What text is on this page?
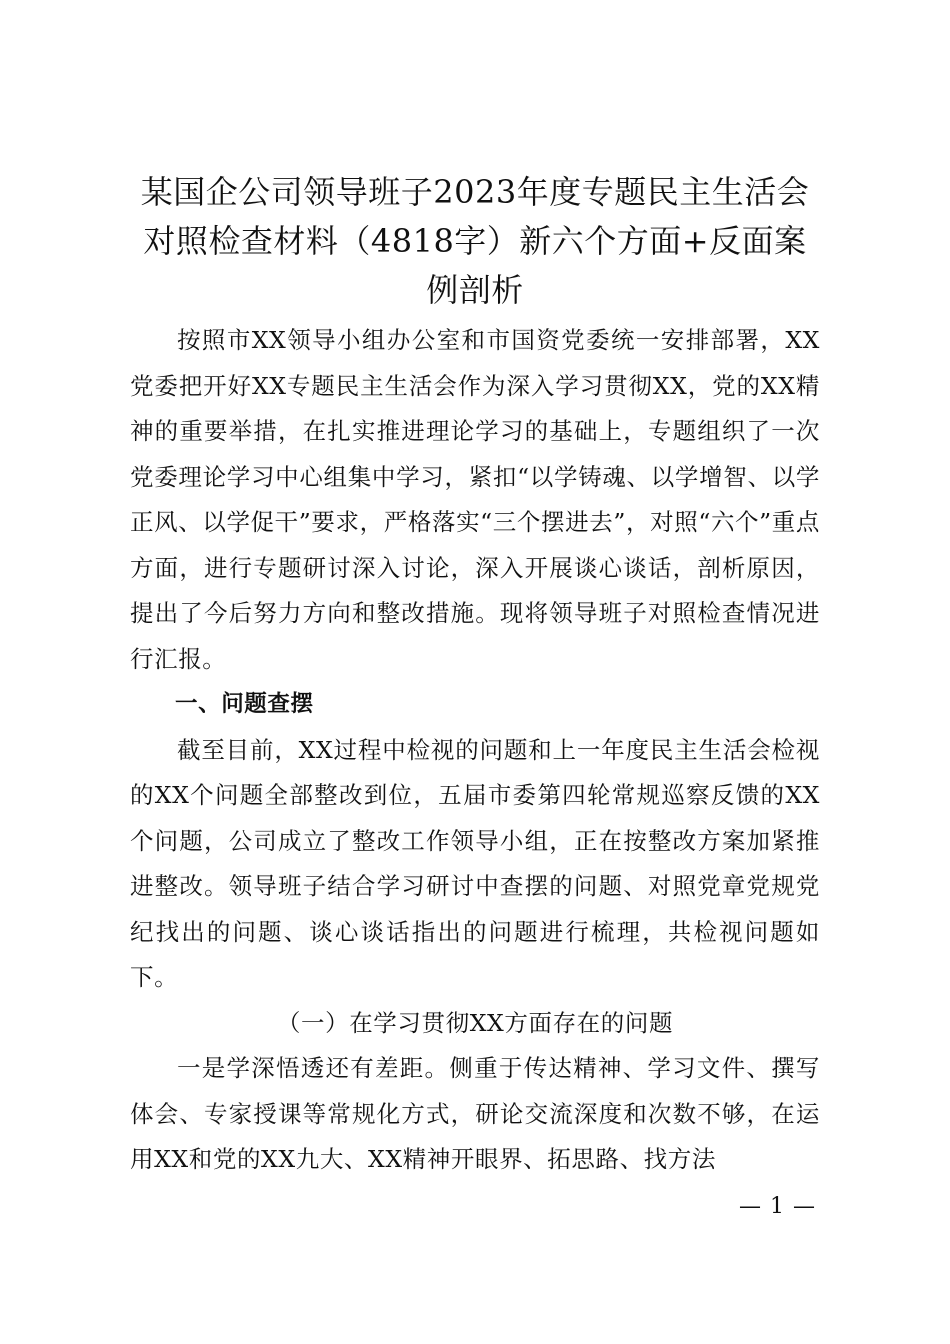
某国企公司领导班子2023年度专题民主生活会对照检查材料（4818字）新六个方面+反面案例剖析

按照市XX领导小组办公室和市国资党委统一安排部署，XX党委把开好XX专题民主生活会作为深入学习贯彻XX，党的XX精神的重要举措，在扎实推进理论学习的基础上，专题组织了一次党委理论学习中心组集中学习，紧扣“以学铸魂、以学增智、以学正风、以学促干”要求，严格落实“三个摆进去”，对照“六个”重点方面，进行专题研讨深入讨论，深入开展谈心谈话，剖析原因，提出了今后努力方向和整改措施。现将领导班子对照检查情况进行汇报。

一、问题查摆

截至目前，XX过程中检视的问题和上一年度民主生活会检视的XX个问题全部整改到位，五届市委第四轮常规巡察反馈的XX个问题，公司成立了整改工作领导小组，正在按整改方案加紧推进整改。领导班子结合学习研讨中查摆的问题、对照党章党规党纪找出的问题、谈心谈话指出的问题进行梳理，共检视问题如下。

（一）在学习贯彻XX方面存在的问题

一是学深悟透还有差距。侧重于传达精神、学习文件、撰写体会、专家授课等常规化方式，研论交流深度和次数不够，在运用XX和党的XX九大、XX精神开眼界、拓思路、找方法

— 1 —
